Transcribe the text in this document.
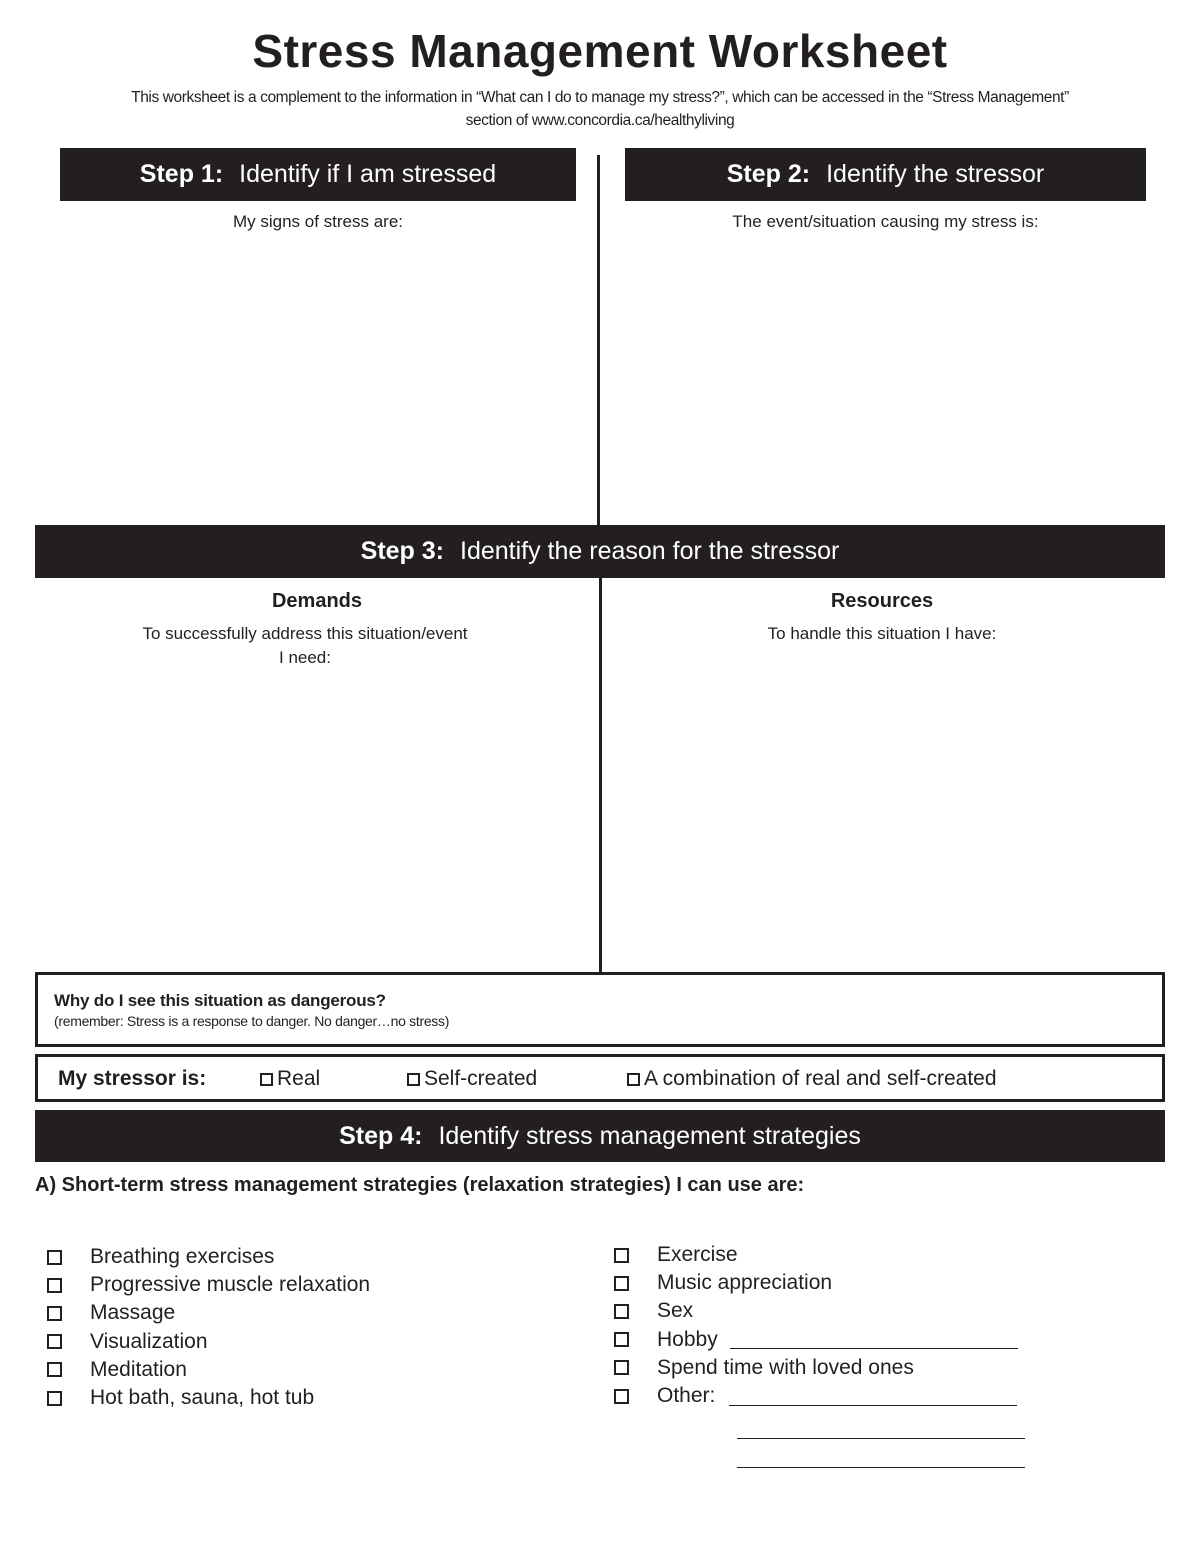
Stress Management Worksheet
This worksheet is a complement to the information in “What can I do to manage my stress?”, which can be accessed in the “Stress Management”
section of www.concordia.ca/healthyliving
Step 1: Identify if I am stressed
My signs of stress are:
Step 2: Identify the stressor
The event/situation causing my stress is:
Step 3: Identify the reason for the stressor
Demands
To successfully address this situation/event
I need:
Resources
To handle this situation I have:
Why do I see this situation as dangerous?
(remember: Stress is a response to danger. No danger…no stress)
My stressor is:	Real	Self-created	A combination of real and self-created
Step 4: Identify stress management strategies
A) Short-term stress management strategies (relaxation strategies) I can use are:
Breathing exercises
Progressive muscle relaxation
Massage
Visualization
Meditation
Hot bath, sauna, hot tub
Exercise
Music appreciation
Sex
Hobby
Spend time with loved ones
Other:
